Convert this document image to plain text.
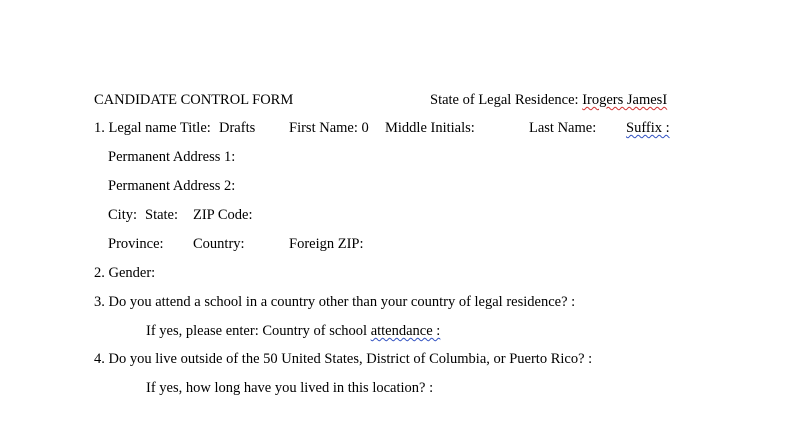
CANDIDATE CONTROL FORM	State of Legal Residence: Irogers JamesI
1. Legal name Title: Drafts First Name: 0 Middle Initials:	Last Name: Suffix :
Permanent Address 1:
Permanent Address 2:
City: State: ZIP Code:
Province: Country:	Foreign ZIP:
2. Gender:
3. Do you attend a school in a country other than your country of legal residence? :
If yes, please enter: Country of school attendance :
4. Do you live outside of the 50 United States, District of Columbia, or Puerto Rico? :
If yes, how long have you lived in this location? :
